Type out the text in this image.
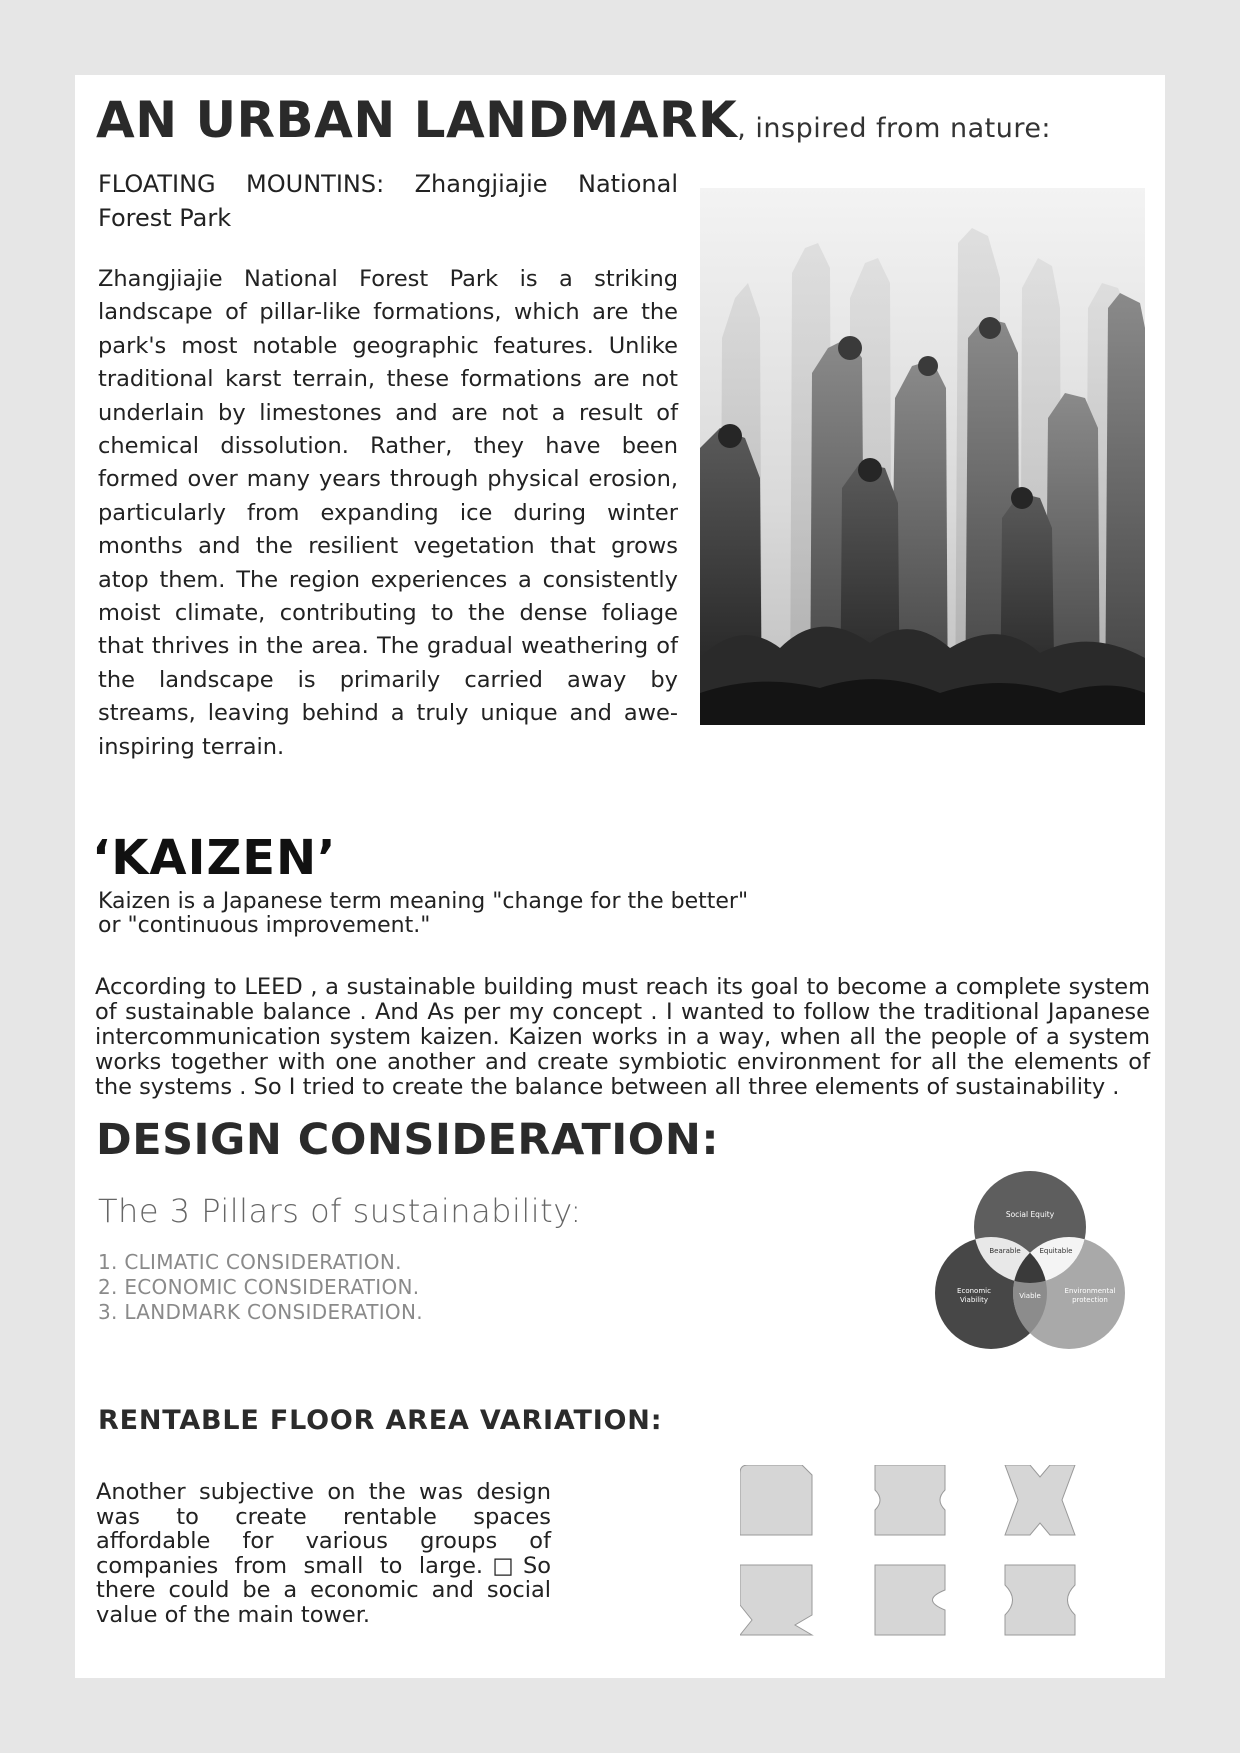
AN URBAN LANDMARK, inspired from nature:
FLOATING MOUNTINS: Zhangjiajie National Forest Park
Zhangjiajie National Forest Park is a striking landscape of pillar-like formations, which are the park's most notable geographic features. Unlike traditional karst terrain, these formations are not underlain by limestones and are not a result of chemical dissolution. Rather, they have been formed over many years through physical erosion, particularly from expanding ice during winter months and the resilient vegetation that grows atop them. The region experiences a consistently moist climate, contributing to the dense foliage that thrives in the area. The gradual weathering of the landscape is primarily carried away by streams, leaving behind a truly unique and awe-inspiring terrain.
‘KAIZEN’
Kaizen is a Japanese term meaning "change for the better"
or "continuous improvement."
According to LEED , a sustainable building must reach its goal to become a complete system of sustainable balance . And As per my concept . I wanted to follow the traditional Japanese intercommunication system kaizen. Kaizen works in a way, when all the people of a system works together with one another and create symbiotic environment for all the elements of the systems . So I tried to create the balance between all three elements of sustainability .
DESIGN CONSIDERATION:
The 3 Pillars of sustainability:
1. CLIMATIC CONSIDERATION.
2. ECONOMIC CONSIDERATION.
3. LANDMARK CONSIDERATION.
Social Equity
Bearable	Equitable
Viable
Economic
Viability
Environmental
protection
RENTABLE FLOOR AREA VARIATION:
Another subjective on the was design was to create rentable spaces affordable for various groups of companies from small to large.□So there could be a economic and social value of the main tower.
